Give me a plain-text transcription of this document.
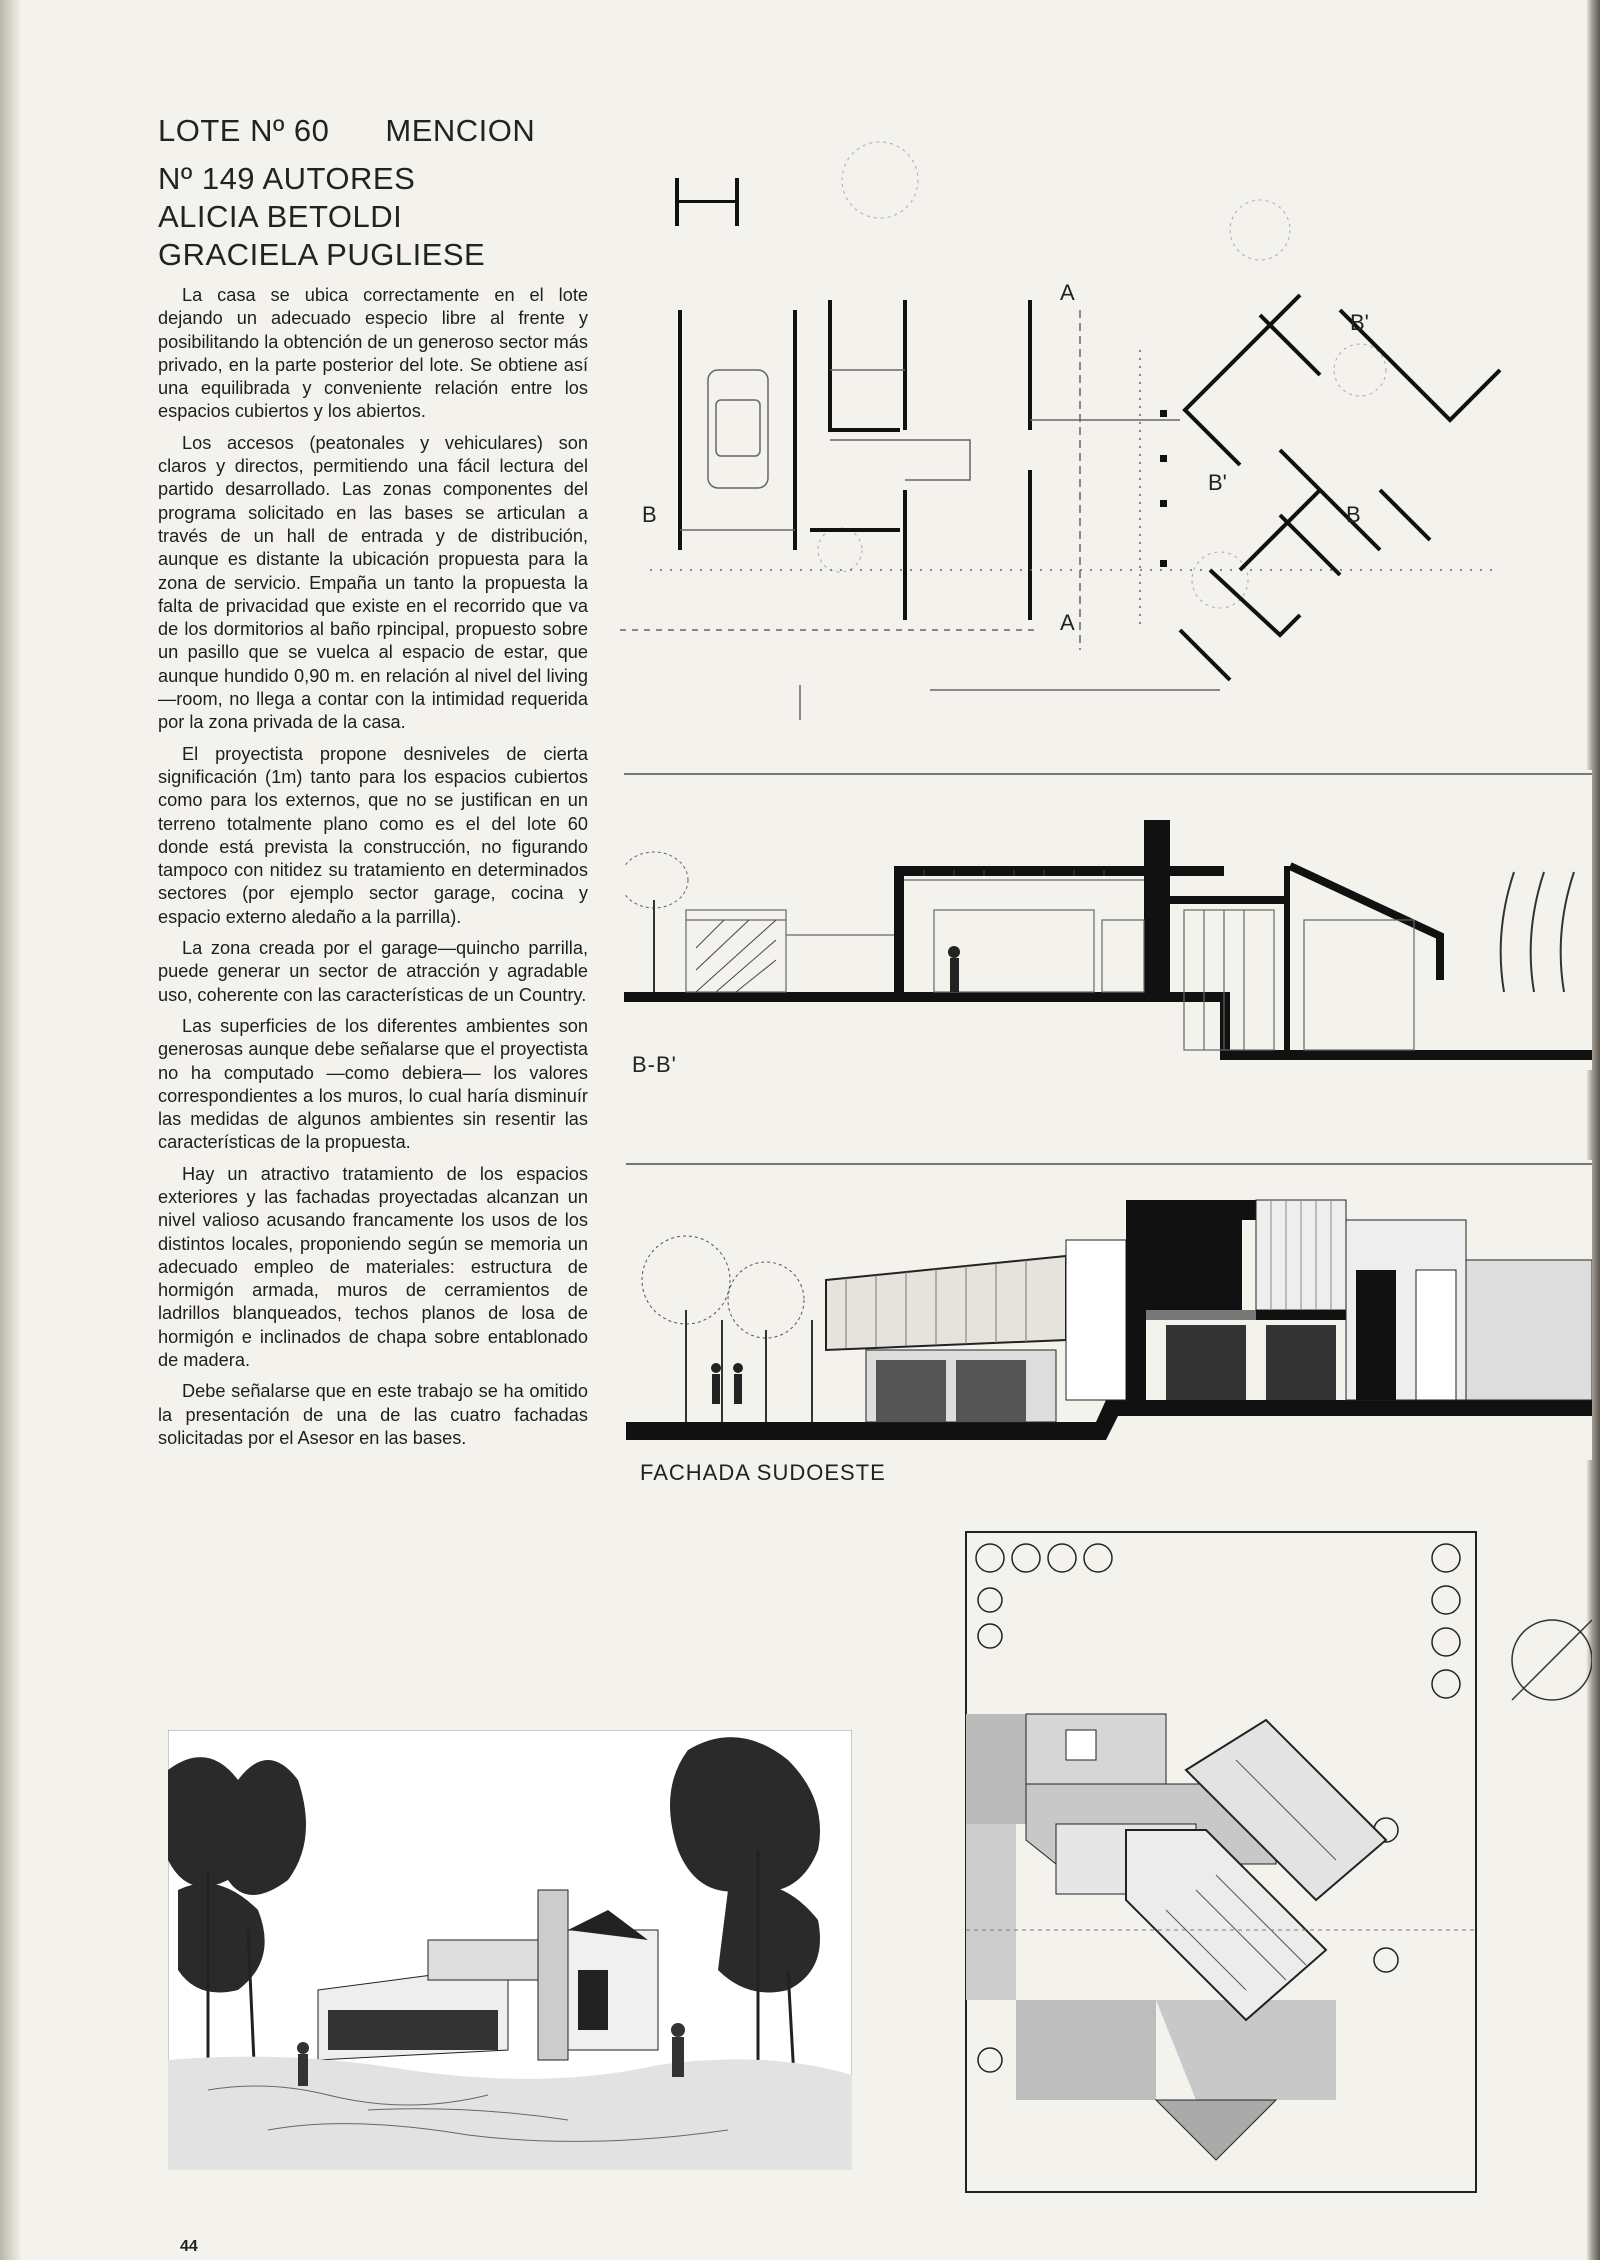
LOTE Nº 60 MENCION
Nº 149 AUTORES
ALICIA BETOLDI
GRACIELA PUGLIESE

La casa se ubica correctamente en el lote dejando un adecuado especio libre al frente y posibilitando la obtención de un generoso sector más privado, en la parte posterior del lote. Se obtiene así una equilibrada y conveniente relación entre los espacios cubiertos y los abiertos.

Los accesos (peatonales y vehiculares) son claros y directos, permitiendo una fácil lectura del partido desarrollado. Las zonas componentes del programa solicitado en las bases se articulan a través de un hall de entrada y de distribución, aunque es distante la ubicación propuesta para la zona de servicio. Empaña un tanto la propuesta la falta de privacidad que existe en el recorrido que va de los dormitorios al baño rpincipal, propuesto sobre un pasillo que se vuelca al espacio de estar, que aunque hundido 0,90 m. en relación al nivel del living—room, no llega a contar con la intimidad requerida por la zona privada de la casa.

El proyectista propone desniveles de cierta significación (1m) tanto para los espacios cubiertos como para los externos, que no se justifican en un terreno totalmente plano como es el del lote 60 donde está prevista la construcción, no figurando tampoco con nitidez su tratamiento en determinados sectores (por ejemplo sector garage, cocina y espacio externo aledaño a la parrilla).

La zona creada por el garage—quincho parrilla, puede generar un sector de atracción y agradable uso, coherente con las características de un Country.

Las superficies de los diferentes ambientes son generosas aunque debe señalarse que el proyectista no ha computado —como debiera— los valores correspondientes a los muros, lo cual haría disminuír las medidas de algunos ambientes sin resentir las características de la propuesta.

Hay un atractivo tratamiento de los espacios exteriores y las fachadas proyectadas alcanzan un nivel valioso acusando francamente los usos de los distintos locales, proponiendo según se memoria un adecuado empleo de materiales: estructura de hormigón armada, muros de cerramientos de ladrillos blanqueados, techos planos de losa de hormigón e inclinados de chapa sobre entablonado de madera.

Debe señalarse que en este trabajo se ha omitido la presentación de una de las cuatro fachadas solicitadas por el Asesor en las bases.

A
A
B	B
B'
B'
B-B'
FACHADA SUDOESTE
44
